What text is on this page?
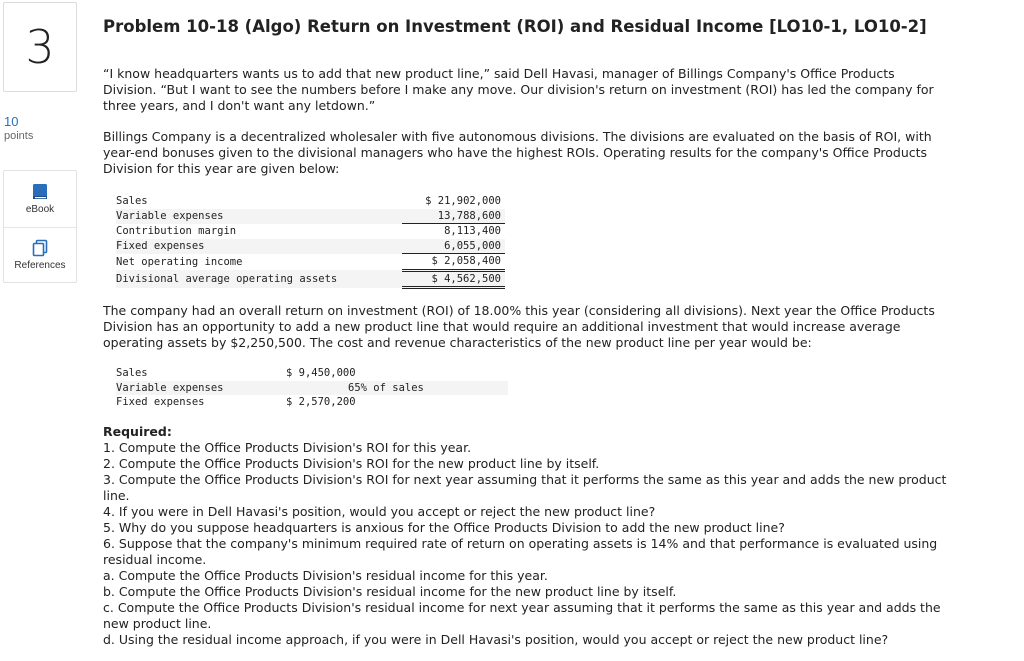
3
10
points
eBook
References
Problem 10-18 (Algo) Return on Investment (ROI) and Residual Income [LO10-1, LO10-2]
“I know headquarters wants us to add that new product line,” said Dell Havasi, manager of Billings Company's Office Products Division. “But I want to see the numbers before I make any move. Our division's return on investment (ROI) has led the company for three years, and I don't want any letdown.”
Billings Company is a decentralized wholesaler with five autonomous divisions. The divisions are evaluated on the basis of ROI, with year-end bonuses given to the divisional managers who have the highest ROIs. Operating results for the company's Office Products Division for this year are given below:
Sales		$ 21,902,000
Variable expenses		13,788,600
Contribution margin		8,113,400
Fixed expenses		6,055,000
Net operating income		$ 2,058,400
Divisional average operating assets		$ 4,562,500
The company had an overall return on investment (ROI) of 18.00% this year (considering all divisions). Next year the Office Products Division has an opportunity to add a new product line that would require an additional investment that would increase average operating assets by $2,250,500. The cost and revenue characteristics of the new product line per year would be:
Sales	$ 9,450,000
Variable expenses	65% of sales
Fixed expenses	$ 2,570,200
Required:
1. Compute the Office Products Division's ROI for this year.
2. Compute the Office Products Division's ROI for the new product line by itself.
3. Compute the Office Products Division's ROI for next year assuming that it performs the same as this year and adds the new product line.
4. If you were in Dell Havasi's position, would you accept or reject the new product line?
5. Why do you suppose headquarters is anxious for the Office Products Division to add the new product line?
6. Suppose that the company's minimum required rate of return on operating assets is 14% and that performance is evaluated using residual income.
a. Compute the Office Products Division's residual income for this year.
b. Compute the Office Products Division's residual income for the new product line by itself.
c. Compute the Office Products Division's residual income for next year assuming that it performs the same as this year and adds the new product line.
d. Using the residual income approach, if you were in Dell Havasi's position, would you accept or reject the new product line?
